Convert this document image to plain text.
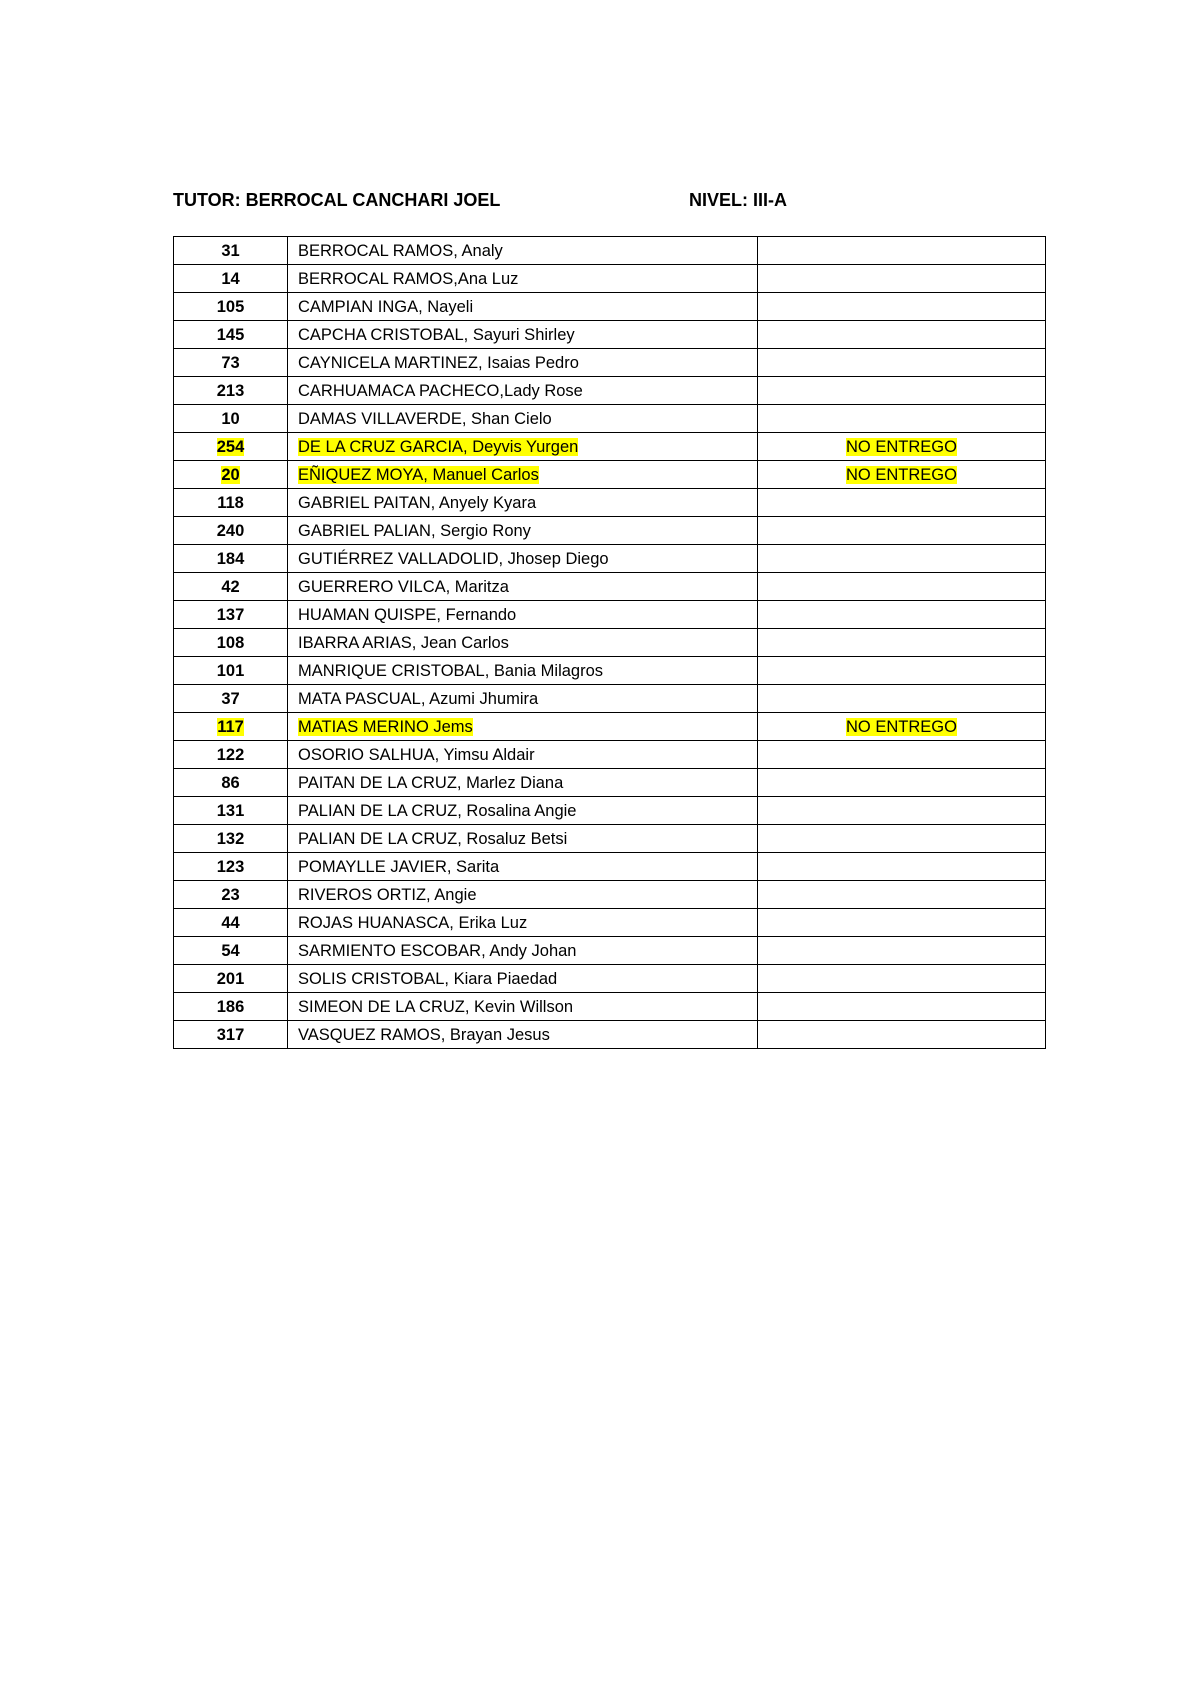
TUTOR: BERROCAL CANCHARI JOEL	NIVEL: III-A
31	BERROCAL RAMOS, Analy	
14	BERROCAL RAMOS,Ana Luz	
105	CAMPIAN INGA, Nayeli	
145	CAPCHA CRISTOBAL, Sayuri Shirley	
73	CAYNICELA MARTINEZ, Isaias Pedro	
213	CARHUAMACA PACHECO,Lady Rose	
10	DAMAS VILLAVERDE, Shan Cielo	
254	DE LA CRUZ GARCIA, Deyvis Yurgen	NO ENTREGO
20	EÑIQUEZ MOYA, Manuel Carlos	NO ENTREGO
118	GABRIEL PAITAN, Anyely Kyara	
240	GABRIEL PALIAN, Sergio Rony	
184	GUTIÉRREZ VALLADOLID, Jhosep Diego	
42	GUERRERO VILCA, Maritza	
137	HUAMAN QUISPE, Fernando	
108	IBARRA ARIAS, Jean Carlos	
101	MANRIQUE CRISTOBAL, Bania Milagros	
37	MATA PASCUAL, Azumi Jhumira	
117	MATIAS MERINO Jems	NO ENTREGO
122	OSORIO SALHUA, Yimsu Aldair	
86	PAITAN DE LA CRUZ, Marlez Diana	
131	PALIAN DE LA CRUZ, Rosalina Angie	
132	PALIAN DE LA CRUZ, Rosaluz Betsi	
123	POMAYLLE JAVIER, Sarita	
23	RIVEROS ORTIZ, Angie	
44	ROJAS HUANASCA, Erika Luz	
54	SARMIENTO ESCOBAR, Andy Johan	
201	SOLIS CRISTOBAL, Kiara Piaedad	
186	SIMEON DE LA CRUZ, Kevin Willson	
317	VASQUEZ RAMOS, Brayan Jesus	
